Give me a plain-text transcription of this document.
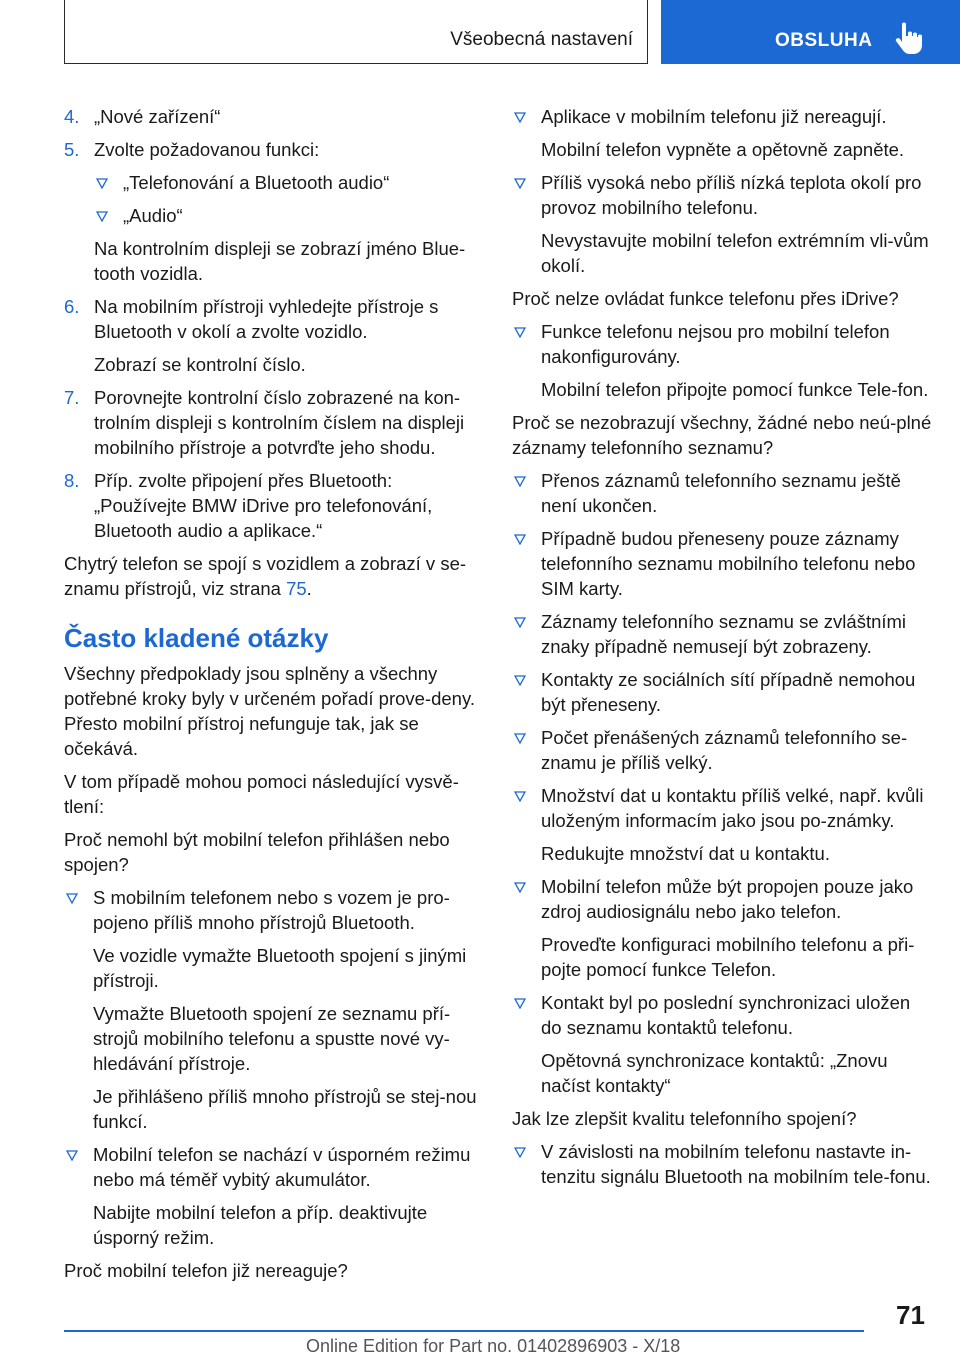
Všeobecná nastavení	OBSLUHA
4. „Nové zařízení“
5. Zvolte požadovanou funkci:
„Telefonování a Bluetooth audio“
„Audio“
Na kontrolním displeji se zobrazí jméno Blue‐tooth vozidla.
6. Na mobilním přístroji vyhledejte přístroje s Bluetooth v okolí a zvolte vozidlo.
Zobrazí se kontrolní číslo.
7. Porovnejte kontrolní číslo zobrazené na kon‐trolním displeji s kontrolním číslem na displeji mobilního přístroje a potvrďte jeho shodu.
8. Příp. zvolte připojení přes Bluetooth: „Používejte BMW iDrive pro telefonování, Bluetooth audio a aplikace.“
Chytrý telefon se spojí s vozidlem a zobrazí v se‐znamu přístrojů, viz strana 75.
Často kladené otázky
Všechny předpoklady jsou splněny a všechny potřebné kroky byly v určeném pořadí prove‐deny. Přesto mobilní přístroj nefunguje tak, jak se očekává.
V tom případě mohou pomoci následující vysvě‐tlení:
Proč nemohl být mobilní telefon přihlášen nebo spojen?
S mobilním telefonem nebo s vozem je pro‐pojeno příliš mnoho přístrojů Bluetooth.
Ve vozidle vymažte Bluetooth spojení s jinými přístroji.
Vymažte Bluetooth spojení ze seznamu pří‐strojů mobilního telefonu a spustte nové vy‐hledávání přístroje.
Je přihlášeno příliš mnoho přístrojů se stej‐nou funkcí.
Mobilní telefon se nachází v úsporném režimu nebo má téměř vybitý akumulátor.
Nabijte mobilní telefon a příp. deaktivujte úsporný režim.
Proč mobilní telefon již nereaguje?
Aplikace v mobilním telefonu již nereagují.
Mobilní telefon vypněte a opětovně zapněte.
Příliš vysoká nebo příliš nízká teplota okolí pro provoz mobilního telefonu.
Nevystavujte mobilní telefon extrémním vli‐vům okolí.
Proč nelze ovládat funkce telefonu přes iDrive?
Funkce telefonu nejsou pro mobilní telefon nakonfigurovány.
Mobilní telefon připojte pomocí funkce Tele‐fon.
Proč se nezobrazují všechny, žádné nebo neú‐plné záznamy telefonního seznamu?
Přenos záznamů telefonního seznamu ještě není ukončen.
Případně budou přeneseny pouze záznamy telefonního seznamu mobilního telefonu nebo SIM karty.
Záznamy telefonního seznamu se zvláštními znaky případně nemusejí být zobrazeny.
Kontakty ze sociálních sítí případně nemohou být přeneseny.
Počet přenášených záznamů telefonního se‐znamu je příliš velký.
Množství dat u kontaktu příliš velké, např. kvůli uloženým informacím jako jsou po‐známky.
Redukujte množství dat u kontaktu.
Mobilní telefon může být propojen pouze jako zdroj audiosignálu nebo jako telefon.
Proveďte konfiguraci mobilního telefonu a při‐pojte pomocí funkce Telefon.
Kontakt byl po poslední synchronizaci uložen do seznamu kontaktů telefonu.
Opětovná synchronizace kontaktů: „Znovu načíst kontakty“
Jak lze zlepšit kvalitu telefonního spojení?
V závislosti na mobilním telefonu nastavte in‐tenzitu signálu Bluetooth na mobilním tele‐fonu.
71
Online Edition for Part no. 01402896903 - X/18
